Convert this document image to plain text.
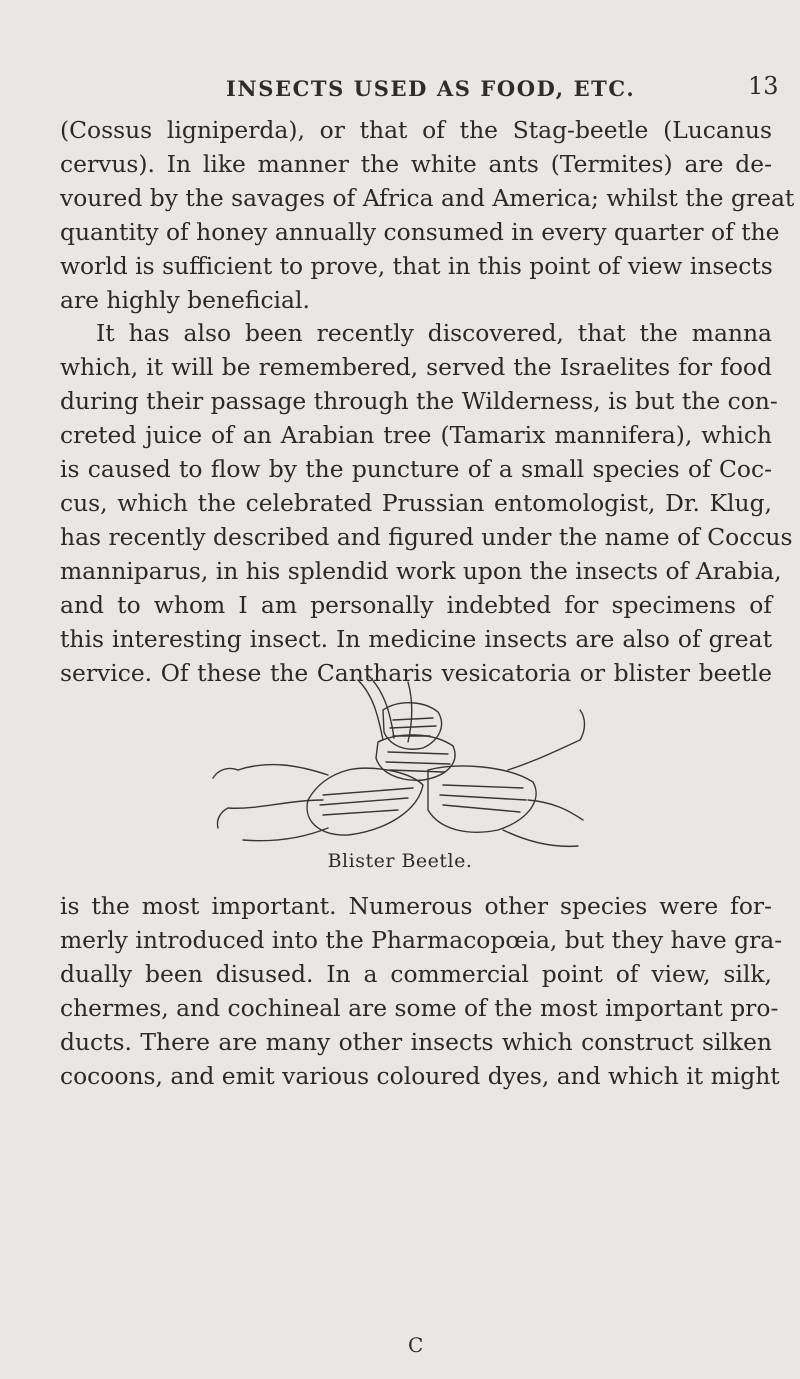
INSECTS USED AS FOOD, ETC.	13
(Cossus ligniperda), or that of the Stag-beetle (Lucanus
cervus). In like manner the white ants (Termites) are de-
voured by the savages of Africa and America; whilst the great
quantity of honey annually consumed in every quarter of the
world is sufficient to prove, that in this point of view insects
are highly beneficial.
It has also been recently discovered, that the manna
which, it will be remembered, served the Israelites for food
during their passage through the Wilderness, is but the con-
creted juice of an Arabian tree (Tamarix mannifera), which
is caused to flow by the puncture of a small species of Coc-
cus, which the celebrated Prussian entomologist, Dr. Klug,
has recently described and figured under the name of Coccus
manniparus, in his splendid work upon the insects of Arabia,
and to whom I am personally indebted for specimens of
this interesting insect. In medicine insects are also of great
service. Of these the Cantharis vesicatoria or blister beetle
Blister Beetle.
is the most important. Numerous other species were for-
merly introduced into the Pharmacopœia, but they have gra-
dually been disused. In a commercial point of view, silk,
chermes, and cochineal are some of the most important pro-
ducts. There are many other insects which construct silken
cocoons, and emit various coloured dyes, and which it might
C
